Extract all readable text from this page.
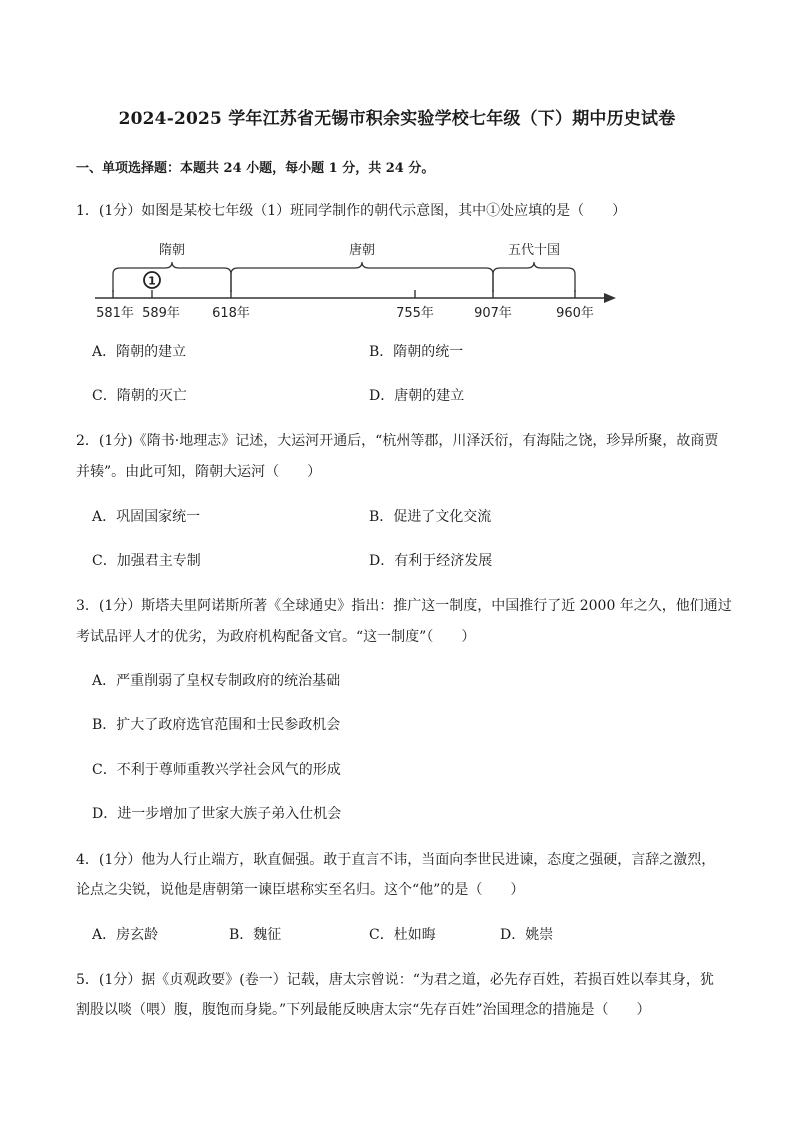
2024-2025 学年江苏省无锡市积余实验学校七年级（下）期中历史试卷
一、单项选择题：本题共 24 小题，每小题 1 分，共 24 分。
1．(1分）如图是某校七年级（1）班同学制作的朝代示意图，其中①处应填的是（　　）
隋朝	唐朝	五代十国
1
581年 589年 618年	755年	907年	960年
A．隋朝的建立	B．隋朝的统一
C．隋朝的灭亡	D．唐朝的建立
2．(1分)《隋书·地理志》记述，大运河开通后，“杭州等郡，川泽沃衍，有海陆之饶，珍异所聚，故商贾
并辏”。由此可知，隋朝大运河（　　）
A．巩固国家统一	B．促进了文化交流
C．加强君主专制	D．有利于经济发展
3．(1分）斯塔夫里阿诺斯所著《全球通史》指出：推广这一制度，中国推行了近 2000 年之久，他们通过
考试品评人才的优劣，为政府机构配备文官。“这一制度”（　　）
A．严重削弱了皇权专制政府的统治基础
B．扩大了政府选官范围和士民参政机会
C．不利于尊师重教兴学社会风气的形成
D．进一步增加了世家大族子弟入仕机会
4．(1分）他为人行止端方，耿直倔强。敢于直言不讳，当面向李世民进谏，态度之强硬，言辞之激烈，
论点之尖锐，说他是唐朝第一谏臣堪称实至名归。这个“他”的是（　　）
A．房玄龄	B．魏征	C．杜如晦	D．姚崇
5．(1分）据《贞观政要》(卷一）记载，唐太宗曾说：“为君之道，必先存百姓，若损百姓以奉其身，犹
割股以啖（喂）腹，腹饱而身毙。”下列最能反映唐太宗“先存百姓”治国理念的措施是（　　）
